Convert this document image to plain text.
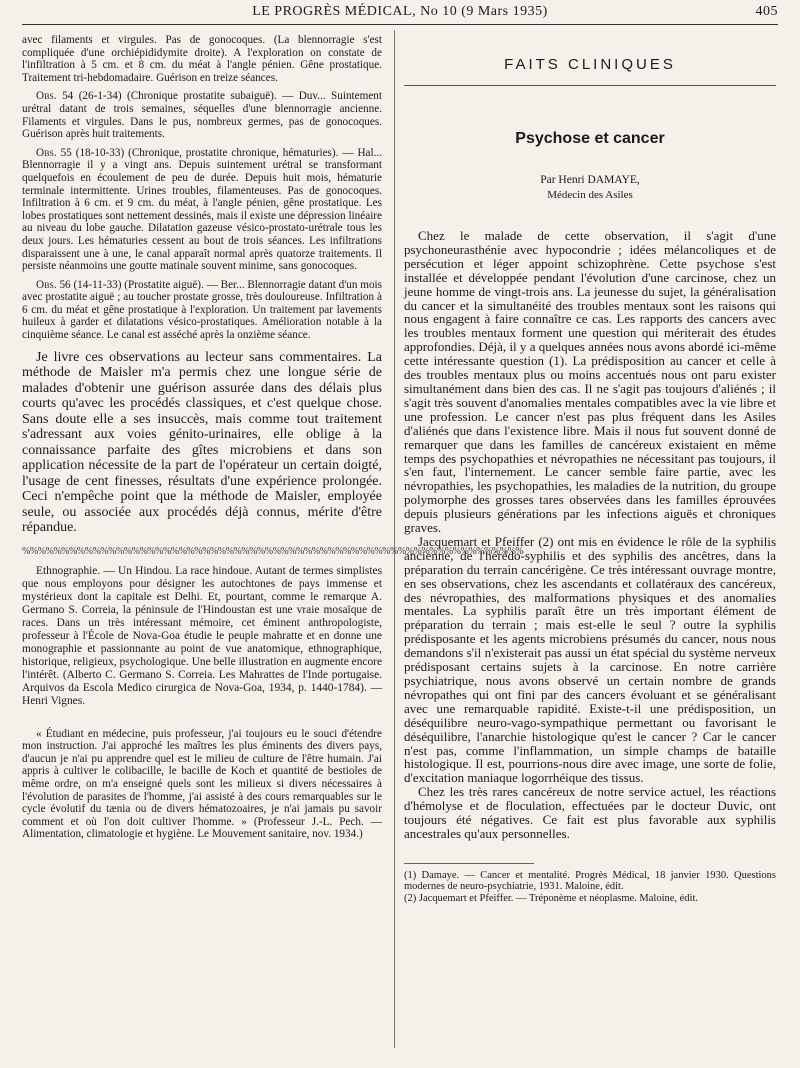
LE PROGRÈS MÉDICAL, No 10 (9 Mars 1935)	405

avec filaments et virgules. Pas de gonocoques. (La blennorragie s'est compliquée d'une orchiépididymite droite). A l'exploration on constate de l'infiltration à 5 cm. et 8 cm. du méat à l'angle pénien. Gêne prostatique. Traitement tri-hebdomadaire. Guérison en treize séances.

Obs. 54 (26-1-34) (Chronique prostatite subaiguë). — Duv... Suintement urétral datant de trois semaines, séquelles d'une blennorragie ancienne. Filaments et virgules. Dans le pus, nombreux germes, pas de gonocoques. Guérison après huit traitements.

Obs. 55 (18-10-33) (Chronique, prostatite chronique, hématuries). — Hal... Blennorragie il y a vingt ans. Depuis suintement urétral se transformant quelquefois en écoulement de peu de durée. Depuis huit mois, hématurie terminale intermittente. Urines troubles, filamenteuses. Pas de gonocoques. Infiltration à 6 cm. et 9 cm. du méat, à l'angle pénien, gêne prostatique. Les lobes prostatiques sont nettement dessinés, mais il existe une dépression linéaire au niveau du lobe gauche. Dilatation gazeuse vésico-prostato-urétrale tous les deux jours. Les hématuries cessent au bout de trois séances. Les infiltrations disparaissent une à une, le canal apparaît normal après quatorze traitements. Il persiste néanmoins une goutte matinale souvent minime, sans gonocoques.

Obs. 56 (14-11-33) (Prostatite aiguë). — Ber... Blennorragie datant d'un mois avec prostatite aiguë ; au toucher prostate grosse, très douloureuse. Infiltration à 6 cm. du méat et gêne prostatique à l'exploration. Un traitement par lavements huileux à garder et dilatations vésico-prostatiques. Amélioration notable à la cinquième séance. Le canal est asséché après la onzième séance.

Je livre ces observations au lecteur sans commentaires. La méthode de Maisler m'a permis chez une longue série de malades d'obtenir une guérison assurée dans des délais plus courts qu'avec les procédés classiques, et c'est quelque chose. Sans doute elle a ses insuccès, mais comme tout traitement s'adressant aux voies génito-urinaires, elle oblige à la connaissance parfaite des gîtes microbiens et dans son application nécessite de la part de l'opérateur un certain doigté, l'usage de cent finesses, résultats d'une expérience prolongée. Ceci n'empêche point que la méthode de Maisler, employée seule, ou associée aux procédés déjà connus, mérite d'être répandue.

%%%%%%%%%%%%%%%%%%%%%%%%%%%%%%%%%%%%%%%%%%%%%%%%%%%%%%%%%%%%%%%%

Ethnographie. — Un Hindou. La race hindoue. Autant de termes simplistes que nous employons pour désigner les autochtones de pays immense et mystérieux dont la capitale est Delhi. Et, pourtant, comme le remarque A. Germano S. Correia, la péninsule de l'Hindoustan est une vraie mosaïque de races. Dans un très intéressant mémoire, cet éminent anthropologiste, professeur à l'École de Nova-Goa étudie le peuple mahratte et en donne une monographie et passionnante au point de vue anatomique, ethnographique, historique, religieux, psychologique. Une belle illustration en augmente encore l'intérêt. (Alberto C. Germano S. Correia. Les Mahrattes de l'Inde portugaise. Arquivos da Escola Medico cirurgica de Nova-Goa, 1934, p. 1440-1784). — Henri Vignes.

« Étudiant en médecine, puis professeur, j'ai toujours eu le souci d'étendre mon instruction. J'ai approché les maîtres les plus éminents des divers pays, d'aucun je n'ai pu apprendre quel est le milieu de culture de l'être humain. J'ai appris à cultiver le colibacille, le bacille de Koch et quantité de bestioles de même ordre, on m'a enseigné quels sont les milieux si divers nécessaires à l'évolution de parasites de l'homme, j'ai assisté à des cours remarquables sur le cycle évolutif du tænia ou de divers hématozoaires, je n'ai jamais pu savoir comment et où l'on doit cultiver l'homme. » (Professeur J.-L. Pech. — Alimentation, climatologie et hygiène. Le Mouvement sanitaire, nov. 1934.)

FAITS CLINIQUES
Psychose et cancer
Par Henri DAMAYE,
Médecin des Asiles

Chez le malade de cette observation, il s'agit d'une psychoneurasthénie avec hypocondrie ; idées mélancoliques et de persécution et léger appoint schizophrène. Cette psychose s'est installée et développée pendant l'évolution d'une carcinose, chez un jeune homme de vingt-trois ans. La jeunesse du sujet, la généralisation du cancer et la simultanéité des troubles mentaux sont les raisons qui nous engagent à faire connaître ce cas. Les rapports des cancers avec les troubles mentaux forment une question qui mériterait des études approfondies. Déjà, il y a quelques années nous avons abordé ici-même cette intéressante question (1). La prédisposition au cancer et celle à des troubles mentaux plus ou moins accentués nous ont paru exister simultanément dans bien des cas. Il ne s'agit pas toujours d'aliénés ; il s'agit très souvent d'anomalies mentales compatibles avec la vie libre et une profession. Le cancer n'est pas plus fréquent dans les Asiles d'aliénés que dans l'existence libre. Mais il nous fut souvent donné de remarquer que dans les familles de cancéreux existaient en même temps des psychopathies et névropathies ne nécessitant pas toujours, il s'en faut, l'internement. Le cancer semble faire partie, avec les névropathies, les psychopathies, les maladies de la nutrition, du groupe polymorphe des grosses tares observées dans les familles éprouvées depuis plusieurs générations par les infections aiguës et chroniques graves.

Jacquemart et Pfeiffer (2) ont mis en évidence le rôle de la syphilis ancienne, de l'hérédo-syphilis et des syphilis des ancêtres, dans la préparation du terrain cancérigène. Ce très intéressant ouvrage montre, en ses observations, chez les ascendants et collatéraux des cancéreux, des névropathies, des malformations physiques et des anomalies mentales. La syphilis paraît être un très important élément de préparation du terrain ; mais est-elle le seul ? outre la syphilis prédisposante et les agents microbiens présumés du cancer, nous nous demandons s'il n'existerait pas aussi un état spécial du système nerveux prédisposant certains sujets à la carcinose. En notre carrière psychiatrique, nous avons observé un certain nombre de grands névropathes qui ont fini par des cancers évoluant et se généralisant avec une remarquable rapidité. Existe-t-il une prédisposition, un déséquilibre neuro-vago-sympathique permettant ou favorisant le déséquilibre, l'anarchie histologique qu'est le cancer ? Car le cancer n'est pas, comme l'inflammation, un simple champs de bataille histologique. Il est, pourrions-nous dire avec image, une sorte de folie, d'excitation maniaque logorrhéique des tissus.

Chez les très rares cancéreux de notre service actuel, les réactions d'hémolyse et de floculation, effectuées par le docteur Duvic, ont toujours été négatives. Ce fait est plus favorable aux syphilis ancestrales qu'aux personnelles.

(1) Damaye. — Cancer et mentalité. Progrès Médical, 18 janvier 1930. Questions modernes de neuro-psychiatrie, 1931. Maloine, édit.

(2) Jacquemart et Pfeiffer. — Tréponème et néoplasme. Maloine, édit.
